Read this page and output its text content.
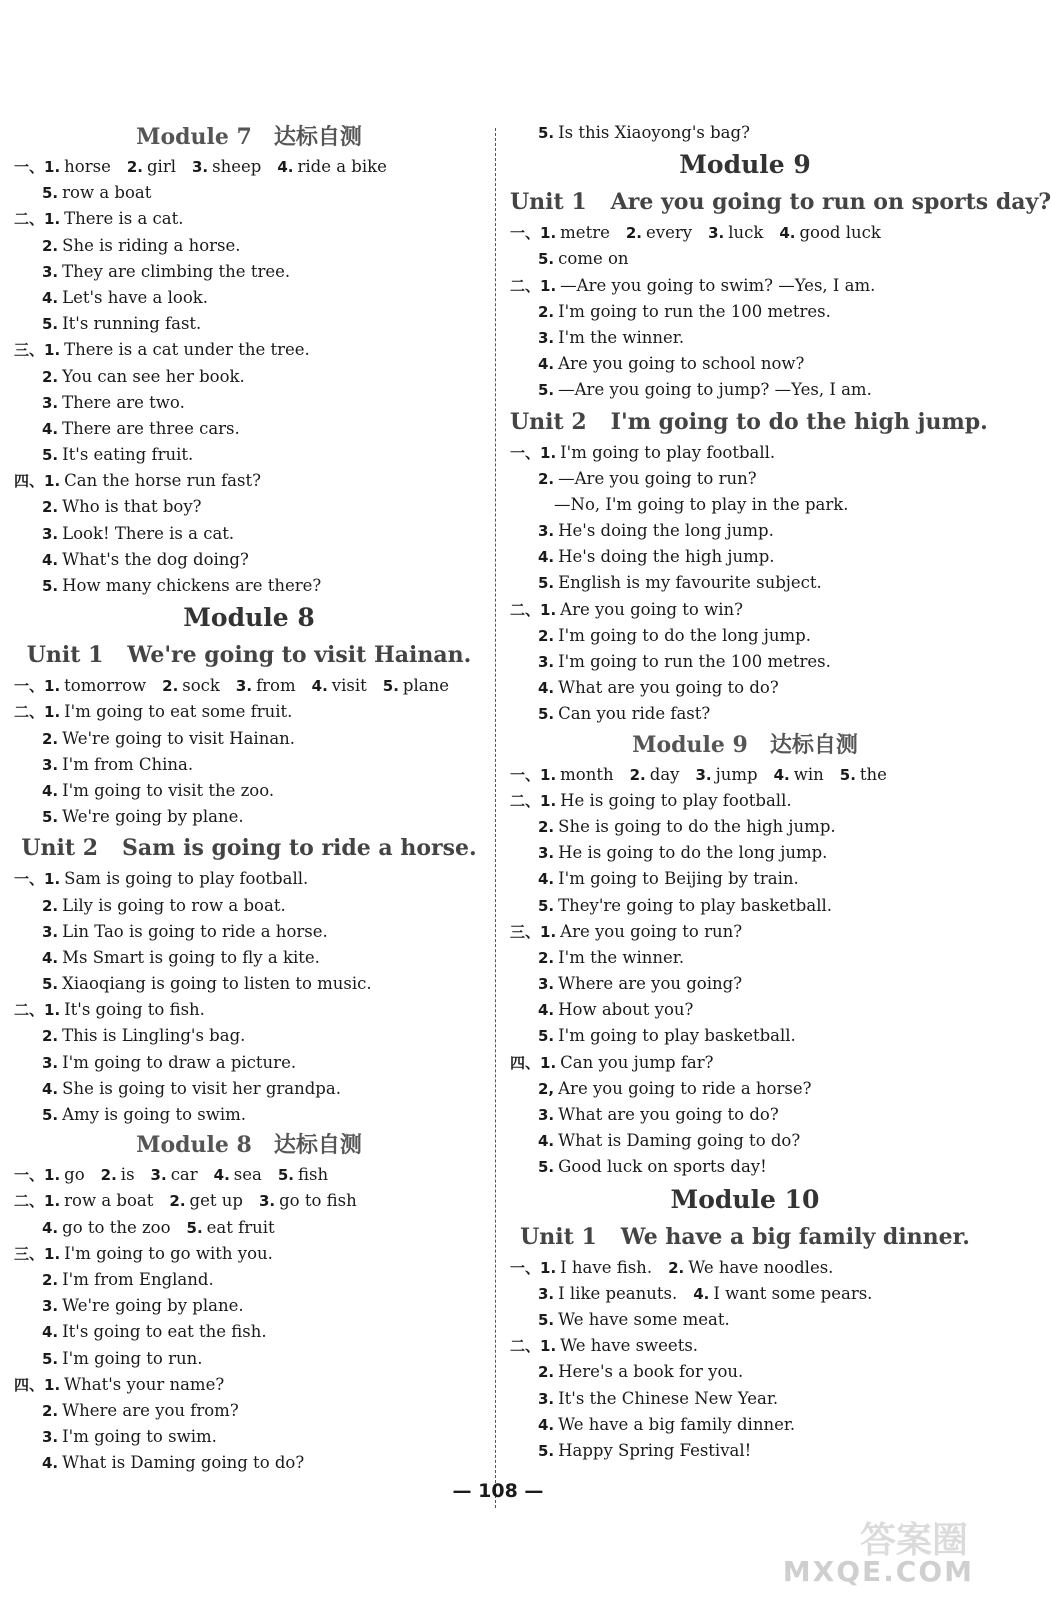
Module 7　达标自测
一、1. horse 2. girl 3. sheep 4. ride a bike
5. row a boat
二、1. There is a cat.
2. She is riding a horse.
3. They are climbing the tree.
4. Let's have a look.
5. It's running fast.
三、1. There is a cat under the tree.
2. You can see her book.
3. There are two.
4. There are three cars.
5. It's eating fruit.
四、1. Can the horse run fast?
2. Who is that boy?
3. Look! There is a cat.
4. What's the dog doing?
5. How many chickens are there?
Module 8
Unit 1 We're going to visit Hainan.
一、1. tomorrow 2. sock 3. from 4. visit 5. plane
二、1. I'm going to eat some fruit.
2. We're going to visit Hainan.
3. I'm from China.
4. I'm going to visit the zoo.
5. We're going by plane.
Unit 2 Sam is going to ride a horse.
一、1. Sam is going to play football.
2. Lily is going to row a boat.
3. Lin Tao is going to ride a horse.
4. Ms Smart is going to fly a kite.
5. Xiaoqiang is going to listen to music.
二、1. It's going to fish.
2. This is Lingling's bag.
3. I'm going to draw a picture.
4. She is going to visit her grandpa.
5. Amy is going to swim.
Module 8　达标自测
一、1. go 2. is 3. car 4. sea 5. fish
二、1. row a boat 2. get up 3. go to fish
4. go to the zoo 5. eat fruit
三、1. I'm going to go with you.
2. I'm from England.
3. We're going by plane.
4. It's going to eat the fish.
5. I'm going to run.
四、1. What's your name?
2. Where are you from?
3. I'm going to swim.
4. What is Daming going to do?
5. Is this Xiaoyong's bag?
Module 9
Unit 1 Are you going to run on sports day?
一、1. metre 2. every 3. luck 4. good luck
5. come on
二、1. —Are you going to swim? —Yes, I am.
2. I'm going to run the 100 metres.
3. I'm the winner.
4. Are you going to school now?
5. —Are you going to jump? —Yes, I am.
Unit 2 I'm going to do the high jump.
一、1. I'm going to play football.
2. —Are you going to run?
—No, I'm going to play in the park.
3. He's doing the long jump.
4. He's doing the high jump.
5. English is my favourite subject.
二、1. Are you going to win?
2. I'm going to do the long jump.
3. I'm going to run the 100 metres.
4. What are you going to do?
5. Can you ride fast?
Module 9　达标自测
一、1. month 2. day 3. jump 4. win 5. the
二、1. He is going to play football.
2. She is going to do the high jump.
3. He is going to do the long jump.
4. I'm going to Beijing by train.
5. They're going to play basketball.
三、1. Are you going to run?
2. I'm the winner.
3. Where are you going?
4. How about you?
5. I'm going to play basketball.
四、1. Can you jump far?
2, Are you going to ride a horse?
3. What are you going to do?
4. What is Daming going to do?
5. Good luck on sports day!
Module 10
Unit 1 We have a big family dinner.
一、1. I have fish. 2. We have noodles.
3. I like peanuts. 4. I want some pears.
5. We have some meat.
二、1. We have sweets.
2. Here's a book for you.
3. It's the Chinese New Year.
4. We have a big family dinner.
5. Happy Spring Festival!
— 108 —
答案圈
MXQE.COM
